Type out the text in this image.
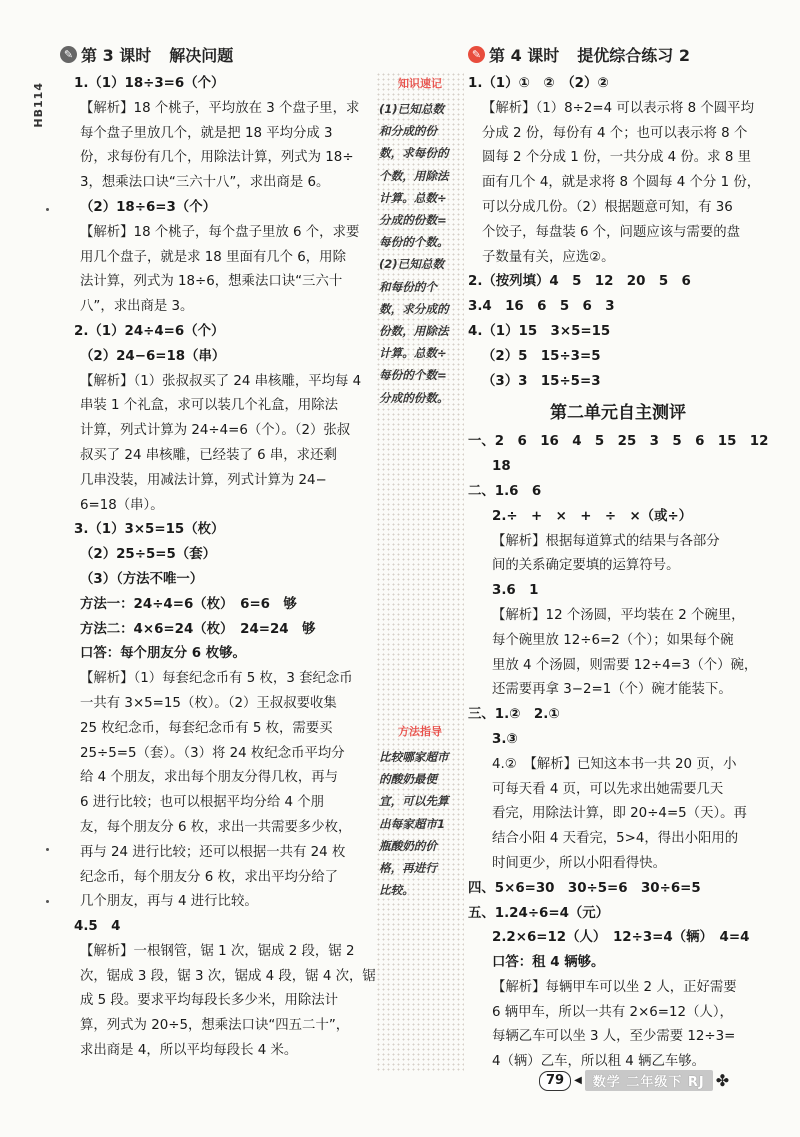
HB114
✎ 第 3 课时 解决问题
1.（1）18÷3=6（个）
【解析】18 个桃子，平均放在 3 个盘子里，求
每个盘子里放几个，就是把 18 平均分成 3
份，求每份有几个，用除法计算，列式为 18÷
3，想乘法口诀“三六十八”，求出商是 6。
（2）18÷6=3（个）
【解析】18 个桃子，每个盘子里放 6 个，求要
用几个盘子，就是求 18 里面有几个 6，用除
法计算，列式为 18÷6，想乘法口诀“三六十
八”，求出商是 3。
2.（1）24÷4=6（个）
（2）24−6=18（串）
【解析】（1）张叔叔买了 24 串核雕，平均每 4
串装 1 个礼盒，求可以装几个礼盒，用除法
计算，列式计算为 24÷4=6（个）。（2）张叔
叔买了 24 串核雕，已经装了 6 串，求还剩
几串没装，用减法计算，列式计算为 24−
6=18（串）。
3.（1）3×5=15（枚）
（2）25÷5=5（套）
（3）（方法不唯一）
方法一：24÷4=6（枚）　6=6　够
方法二：4×6=24（枚）　24=24　够
口答：每个朋友分 6 枚够。
【解析】（1）每套纪念币有 5 枚，3 套纪念币
一共有 3×5=15（枚）。（2）王叔叔要收集
25 枚纪念币，每套纪念币有 5 枚，需要买
25÷5=5（套）。（3）将 24 枚纪念币平均分
给 4 个朋友，求出每个朋友分得几枚，再与
6 进行比较；也可以根据平均分给 4 个朋
友，每个朋友分 6 枚，求出一共需要多少枚，
再与 24 进行比较；还可以根据一共有 24 枚
纪念币，每个朋友分 6 枚，求出平均分给了
几个朋友，再与 4 进行比较。
4.5　4
【解析】一根钢管，锯 1 次，锯成 2 段，锯 2
次，锯成 3 段，锯 3 次，锯成 4 段，锯 4 次，锯
成 5 段。要求平均每段长多少米，用除法计
算，列式为 20÷5，想乘法口诀“四五二十”，
求出商是 4，所以平均每段长 4 米。
知识速记
(1)已知总数
和分成的份
数，求每份的
个数，用除法
计算。总数÷
分成的份数=
每份的个数。
(2)已知总数
和每份的个
数，求分成的
份数，用除法
计算。总数÷
每份的个数=
分成的份数。
方法指导
比较哪家超市
的酸奶最便
宜，可以先算
出每家超市1
瓶酸奶的价
格，再进行
比较。
✎ 第 4 课时 提优综合练习 2
1.（1）①　②　（2）②
【解析】（1）8÷2=4 可以表示将 8 个圆平均
分成 2 份，每份有 4 个；也可以表示将 8 个
圆每 2 个分成 1 份，一共分成 4 份。求 8 里
面有几个 4，就是求将 8 个圆每 4 个分 1 份，
可以分成几份。（2）根据题意可知，有 36
个饺子，每盘装 6 个，问题应该与需要的盘
子数量有关，应选②。
2.（按列填）4　5　12　20　5　6
3.4　16　6　5　6　3
4.（1）15　3×5=15
（2）5　15÷3=5
（3）3　15÷5=3
第二单元自主测评
一、2　6　16　4　5　25　3　5　6　15　12
18
二、1.6　6
2.÷　+　×　+　÷　×（或÷）
【解析】根据每道算式的结果与各部分
间的关系确定要填的运算符号。
3.6　1
【解析】12 个汤圆，平均装在 2 个碗里，
每个碗里放 12÷6=2（个）；如果每个碗
里放 4 个汤圆，则需要 12÷4=3（个）碗，
还需要再拿 3−2=1（个）碗才能装下。
三、1.②　2.①
3.③
4.②　【解析】已知这本书一共 20 页，小
可每天看 4 页，可以先求出她需要几天
看完，用除法计算，即 20÷4=5（天）。再
结合小阳 4 天看完，5>4，得出小阳用的
时间更少，所以小阳看得快。
四、5×6=30　30÷5=6　30÷6=5
五、1.24÷6=4（元）
2.2×6=12（人）　12÷3=4（辆）　4=4
口答：租 4 辆够。
【解析】每辆甲车可以坐 2 人，正好需要
6 辆甲车，所以一共有 2×6=12（人），
每辆乙车可以坐 3 人，至少需要 12÷3=
4（辆）乙车，所以租 4 辆乙车够。
79	◀ 数学 二年级下 RJ ✤
